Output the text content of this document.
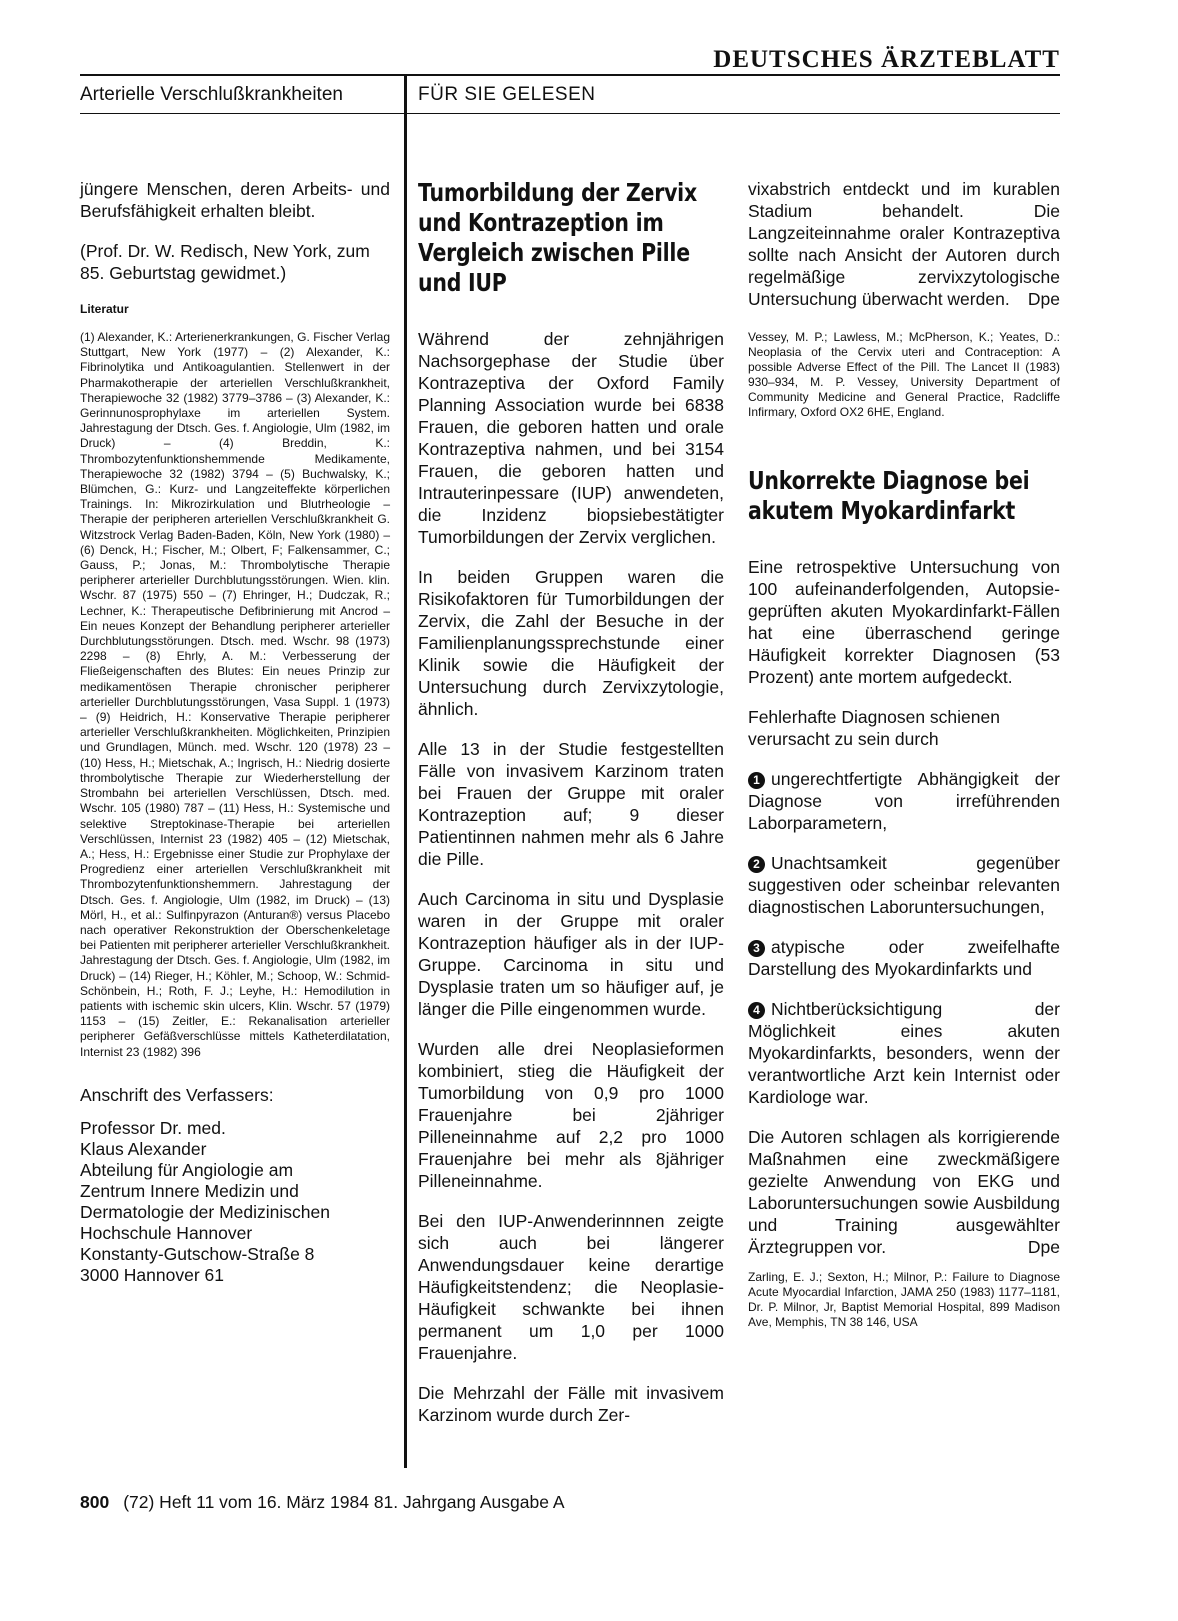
DEUTSCHES ÄRZTEBLATT
Arterielle Verschlußkrankheiten	FÜR SIE GELESEN

jüngere Menschen, deren Arbeits- und Berufsfähigkeit erhalten bleibt.

(Prof. Dr. W. Redisch, New York, zum 85. Geburtstag gewidmet.)

Literatur

(1) Alexander, K.: Arterienerkrankungen, G. Fischer Verlag Stuttgart, New York (1977) – (2) Alexander, K.: Fibrinolytika und Antikoagulantien. Stellenwert in der Pharmakotherapie der arteriellen Verschlußkrankheit, Therapiewoche 32 (1982) 3779–3786 – (3) Alexander, K.: Gerinnunosprophylaxe im arteriellen System. Jahrestagung der Dtsch. Ges. f. Angiologie, Ulm (1982, im Druck) – (4) Breddin, K.: Thrombozytenfunktionshemmende Medikamente, Therapiewoche 32 (1982) 3794 – (5) Buchwalsky, K.; Blümchen, G.: Kurz- und Langzeiteffekte körperlichen Trainings. In: Mikrozirkulation und Blutrheologie – Therapie der peripheren arteriellen Verschlußkrankheit G. Witzstrock Verlag Baden-Baden, Köln, New York (1980) – (6) Denck, H.; Fischer, M.; Olbert, F; Falkensammer, C.; Gauss, P.; Jonas, M.: Thrombolytische Therapie peripherer arterieller Durchblutungsstörungen. Wien. klin. Wschr. 87 (1975) 550 – (7) Ehringer, H.; Dudczak, R.; Lechner, K.: Therapeutische Defibrinierung mit Ancrod – Ein neues Konzept der Behandlung peripherer arterieller Durchblutungsstörungen. Dtsch. med. Wschr. 98 (1973) 2298 – (8) Ehrly, A. M.: Verbesserung der Fließeigenschaften des Blutes: Ein neues Prinzip zur medikamentösen Therapie chronischer peripherer arterieller Durchblutungsstörungen, Vasa Suppl. 1 (1973) – (9) Heidrich, H.: Konservative Therapie peripherer arterieller Verschlußkrankheiten. Möglichkeiten, Prinzipien und Grundlagen, Münch. med. Wschr. 120 (1978) 23 – (10) Hess, H.; Mietschak, A.; Ingrisch, H.: Niedrig dosierte thrombolytische Therapie zur Wiederherstellung der Strombahn bei arteriellen Verschlüssen, Dtsch. med. Wschr. 105 (1980) 787 – (11) Hess, H.: Systemische und selektive Streptokinase-Therapie bei arteriellen Verschlüssen, Internist 23 (1982) 405 – (12) Mietschak, A.; Hess, H.: Ergebnisse einer Studie zur Prophylaxe der Progredienz einer arteriellen Verschlußkrankheit mit Thrombozytenfunktionshemmern. Jahrestagung der Dtsch. Ges. f. Angiologie, Ulm (1982, im Druck) – (13) Mörl, H., et al.: Sulfinpyrazon (Anturan®) versus Placebo nach operativer Rekonstruktion der Oberschenkeletage bei Patienten mit peripherer arterieller Verschlußkrankheit. Jahrestagung der Dtsch. Ges. f. Angiologie, Ulm (1982, im Druck) – (14) Rieger, H.; Köhler, M.; Schoop, W.: Schmid-Schönbein, H.; Roth, F. J.; Leyhe, H.: Hemodilution in patients with ischemic skin ulcers, Klin. Wschr. 57 (1979) 1153 – (15) Zeitler, E.: Rekanalisation arterieller peripherer Gefäßverschlüsse mittels Katheterdilatation, Internist 23 (1982) 396

Anschrift des Verfassers:

Professor Dr. med.

Klaus Alexander

Abteilung für Angiologie am

Zentrum Innere Medizin und

Dermatologie der Medizinischen

Hochschule Hannover

Konstanty-Gutschow-Straße 8

3000 Hannover 61

Tumorbildung der Zervix und Kontrazeption im Vergleich zwischen Pille und IUP

Während der zehnjährigen Nachsorgephase der Studie über Kontrazeptiva der Oxford Family Planning Association wurde bei 6838 Frauen, die geboren hatten und orale Kontrazeptiva nahmen, und bei 3154 Frauen, die geboren hatten und Intrauterinpessare (IUP) anwendeten, die Inzidenz biopsiebestätigter Tumorbildungen der Zervix verglichen.

In beiden Gruppen waren die Risikofaktoren für Tumorbildungen der Zervix, die Zahl der Besuche in der Familienplanungssprechstunde einer Klinik sowie die Häufigkeit der Untersuchung durch Zervixzytologie, ähnlich.

Alle 13 in der Studie festgestellten Fälle von invasivem Karzinom traten bei Frauen der Gruppe mit oraler Kontrazeption auf; 9 dieser Patientinnen nahmen mehr als 6 Jahre die Pille.

Auch Carcinoma in situ und Dysplasie waren in der Gruppe mit oraler Kontrazeption häufiger als in der IUP-Gruppe. Carcinoma in situ und Dysplasie traten um so häufiger auf, je länger die Pille eingenommen wurde.

Wurden alle drei Neoplasieformen kombiniert, stieg die Häufigkeit der Tumorbildung von 0,9 pro 1000 Frauenjahre bei 2jähriger Pilleneinnahme auf 2,2 pro 1000 Frauenjahre bei mehr als 8jähriger Pilleneinnahme.

Bei den IUP-Anwenderinnnen zeigte sich auch bei längerer Anwendungsdauer keine derartige Häufigkeitstendenz; die Neoplasie-Häufigkeit schwankte bei ihnen permanent um 1,0 per 1000 Frauenjahre.

Die Mehrzahl der Fälle mit invasivem Karzinom wurde durch Zer-

vixabstrich entdeckt und im kurablen Stadium behandelt. Die Langzeiteinnahme oraler Kontrazeptiva sollte nach Ansicht der Autoren durch regelmäßige zervixzytologische Untersuchung überwacht werden. Dpe

Vessey, M. P.; Lawless, M.; McPherson, K.; Yeates, D.: Neoplasia of the Cervix uteri and Contraception: A possible Adverse Effect of the Pill. The Lancet II (1983) 930–934, M. P. Vessey, University Department of Community Medicine and General Practice, Radcliffe Infirmary, Oxford OX2 6HE, England.

Unkorrekte Diagnose bei akutem Myokardinfarkt

Eine retrospektive Untersuchung von 100 aufeinanderfolgenden, Autopsie-geprüften akuten Myokardinfarkt-Fällen hat eine überraschend geringe Häufigkeit korrekter Diagnosen (53 Prozent) ante mortem aufgedeckt.

Fehlerhafte Diagnosen schienen verursacht zu sein durch

1 ungerechtfertigte Abhängigkeit der Diagnose von irreführenden Laborparametern,

2 Unachtsamkeit gegenüber suggestiven oder scheinbar relevanten diagnostischen Laboruntersuchungen,

3 atypische oder zweifelhafte Darstellung des Myokardinfarkts und

4 Nichtberücksichtigung der Möglichkeit eines akuten Myokardinfarkts, besonders, wenn der verantwortliche Arzt kein Internist oder Kardiologe war.

Die Autoren schlagen als korrigierende Maßnahmen eine zweckmäßigere gezielte Anwendung von EKG und Laboruntersuchungen sowie Ausbildung und Training ausgewählter Ärztegruppen vor.	Dpe

Zarling, E. J.; Sexton, H.; Milnor, P.: Failure to Diagnose Acute Myocardial Infarction, JAMA 250 (1983) 1177–1181, Dr. P. Milnor, Jr, Baptist Memorial Hospital, 899 Madison Ave, Memphis, TN 38 146, USA

800 (72) Heft 11 vom 16. März 1984 81. Jahrgang Ausgabe A
